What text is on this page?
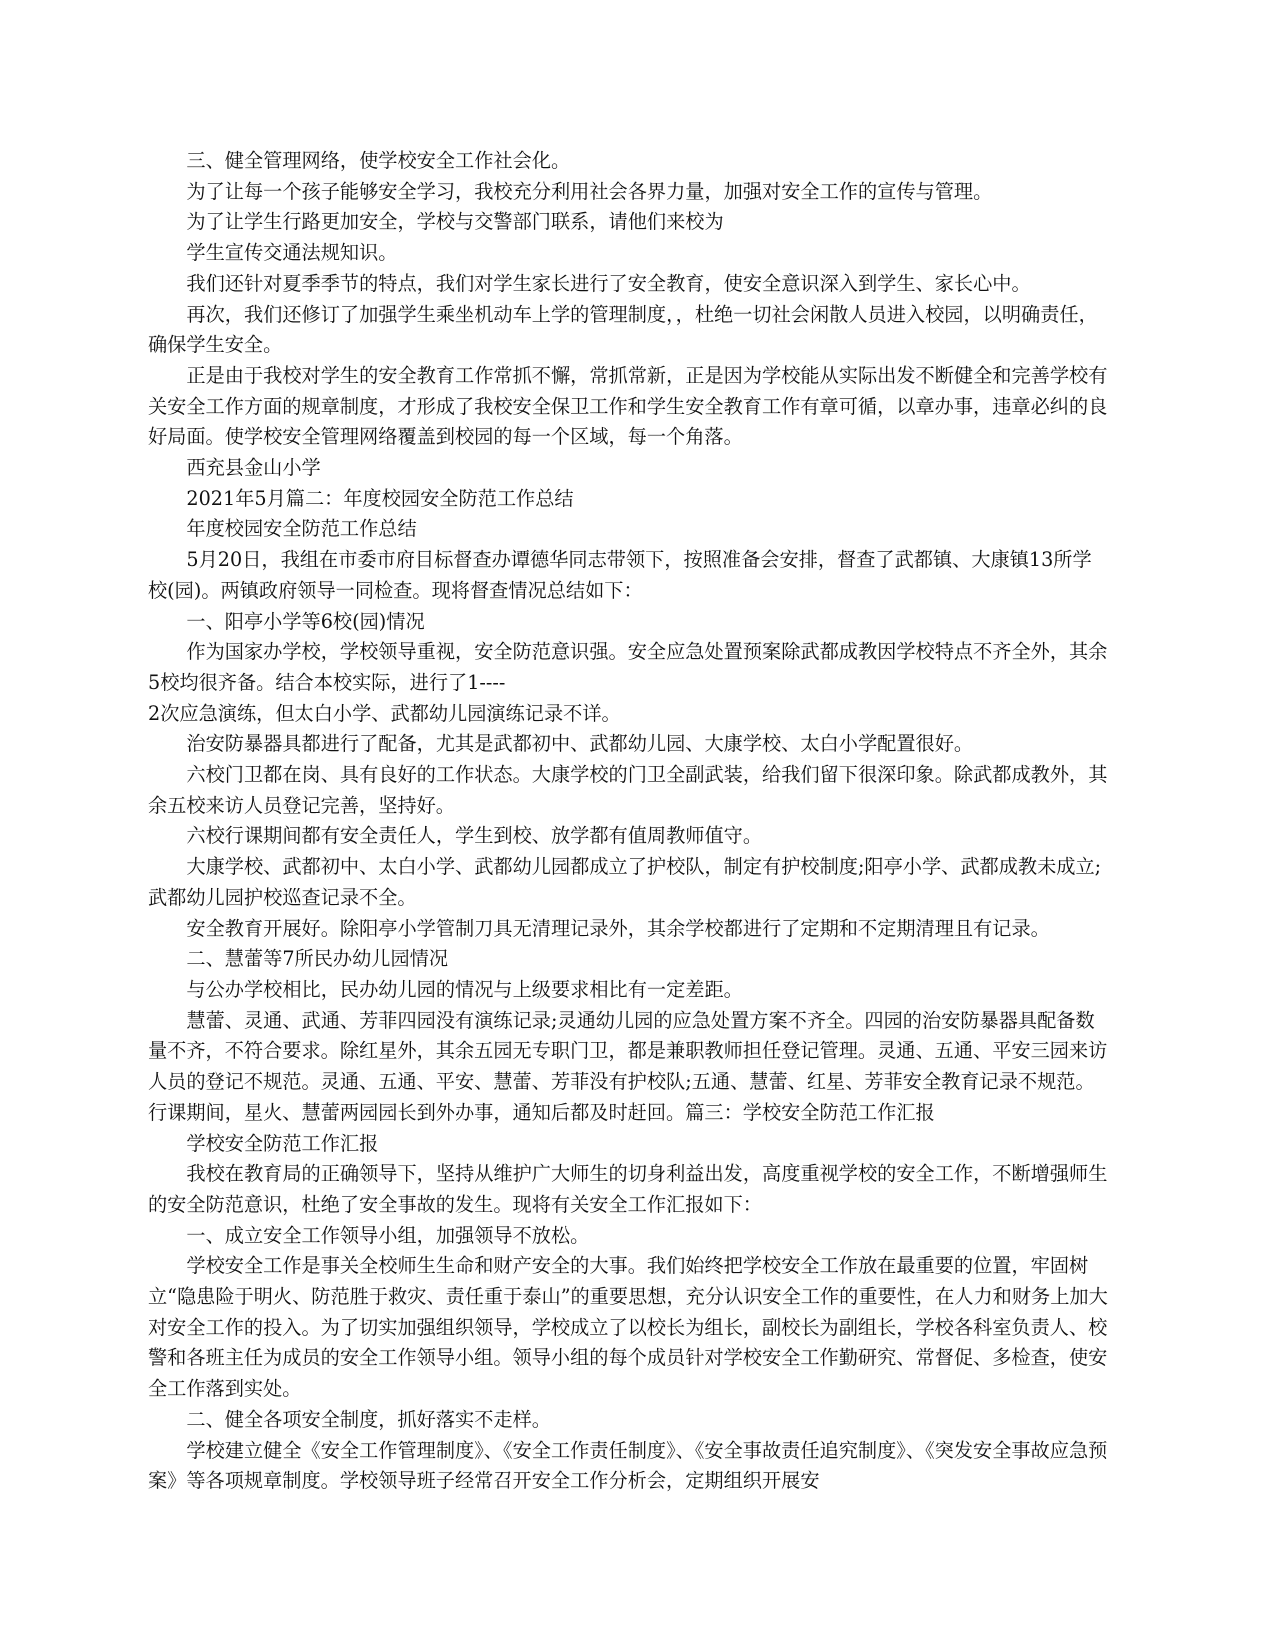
三、健全管理网络，使学校安全工作社会化。

为了让每一个孩子能够安全学习，我校充分利用社会各界力量，加强对安全工作的宣传与管理。

为了让学生行路更加安全，学校与交警部门联系，请他们来校为

学生宣传交通法规知识。

我们还针对夏季季节的特点，我们对学生家长进行了安全教育，使安全意识深入到学生、家长心中。

再次，我们还修订了加强学生乘坐机动车上学的管理制度，，杜绝一切社会闲散人员进入校园，以明确责任，确保学生安全。

正是由于我校对学生的安全教育工作常抓不懈，常抓常新，正是因为学校能从实际出发不断健全和完善学校有关安全工作方面的规章制度，才形成了我校安全保卫工作和学生安全教育工作有章可循，以章办事，违章必纠的良好局面。使学校安全管理网络覆盖到校园的每一个区域，每一个角落。

西充县金山小学

2021年5月篇二：年度校园安全防范工作总结

年度校园安全防范工作总结

5月20日，我组在市委市府目标督查办谭德华同志带领下，按照准备会安排，督查了武都镇、大康镇13所学校(园)。两镇政府领导一同检查。现将督查情况总结如下：

一、阳亭小学等6校(园)情况

作为国家办学校，学校领导重视，安全防范意识强。安全应急处置预案除武都成教因学校特点不齐全外，其余5校均很齐备。结合本校实际，进行了1----

2次应急演练，但太白小学、武都幼儿园演练记录不详。

治安防暴器具都进行了配备，尤其是武都初中、武都幼儿园、大康学校、太白小学配置很好。

六校门卫都在岗、具有良好的工作状态。大康学校的门卫全副武装，给我们留下很深印象。除武都成教外，其余五校来访人员登记完善，坚持好。

六校行课期间都有安全责任人，学生到校、放学都有值周教师值守。

大康学校、武都初中、太白小学、武都幼儿园都成立了护校队，制定有护校制度;阳亭小学、武都成教未成立;武都幼儿园护校巡查记录不全。

安全教育开展好。除阳亭小学管制刀具无清理记录外，其余学校都进行了定期和不定期清理且有记录。

二、慧蕾等7所民办幼儿园情况

与公办学校相比，民办幼儿园的情况与上级要求相比有一定差距。

慧蕾、灵通、武通、芳菲四园没有演练记录;灵通幼儿园的应急处置方案不齐全。四园的治安防暴器具配备数量不齐，不符合要求。除红星外，其余五园无专职门卫，都是兼职教师担任登记管理。灵通、五通、平安三园来访人员的登记不规范。灵通、五通、平安、慧蕾、芳菲没有护校队;五通、慧蕾、红星、芳菲安全教育记录不规范。行课期间，星火、慧蕾两园园长到外办事，通知后都及时赶回。篇三：学校安全防范工作汇报

学校安全防范工作汇报

我校在教育局的正确领导下，坚持从维护广大师生的切身利益出发，高度重视学校的安全工作，不断增强师生的安全防范意识，杜绝了安全事故的发生。现将有关安全工作汇报如下：

一、成立安全工作领导小组，加强领导不放松。

学校安全工作是事关全校师生生命和财产安全的大事。我们始终把学校安全工作放在最重要的位置，牢固树立“隐患险于明火、防范胜于救灾、责任重于泰山”的重要思想，充分认识安全工作的重要性，在人力和财务上加大对安全工作的投入。为了切实加强组织领导，学校成立了以校长为组长，副校长为副组长，学校各科室负责人、校警和各班主任为成员的安全工作领导小组。领导小组的每个成员针对学校安全工作勤研究、常督促、多检查，使安全工作落到实处。

二、健全各项安全制度，抓好落实不走样。

学校建立健全《安全工作管理制度》、《安全工作责任制度》、《安全事故责任追究制度》、《突发安全事故应急预案》等各项规章制度。学校领导班子经常召开安全工作分析会，定期组织开展安
